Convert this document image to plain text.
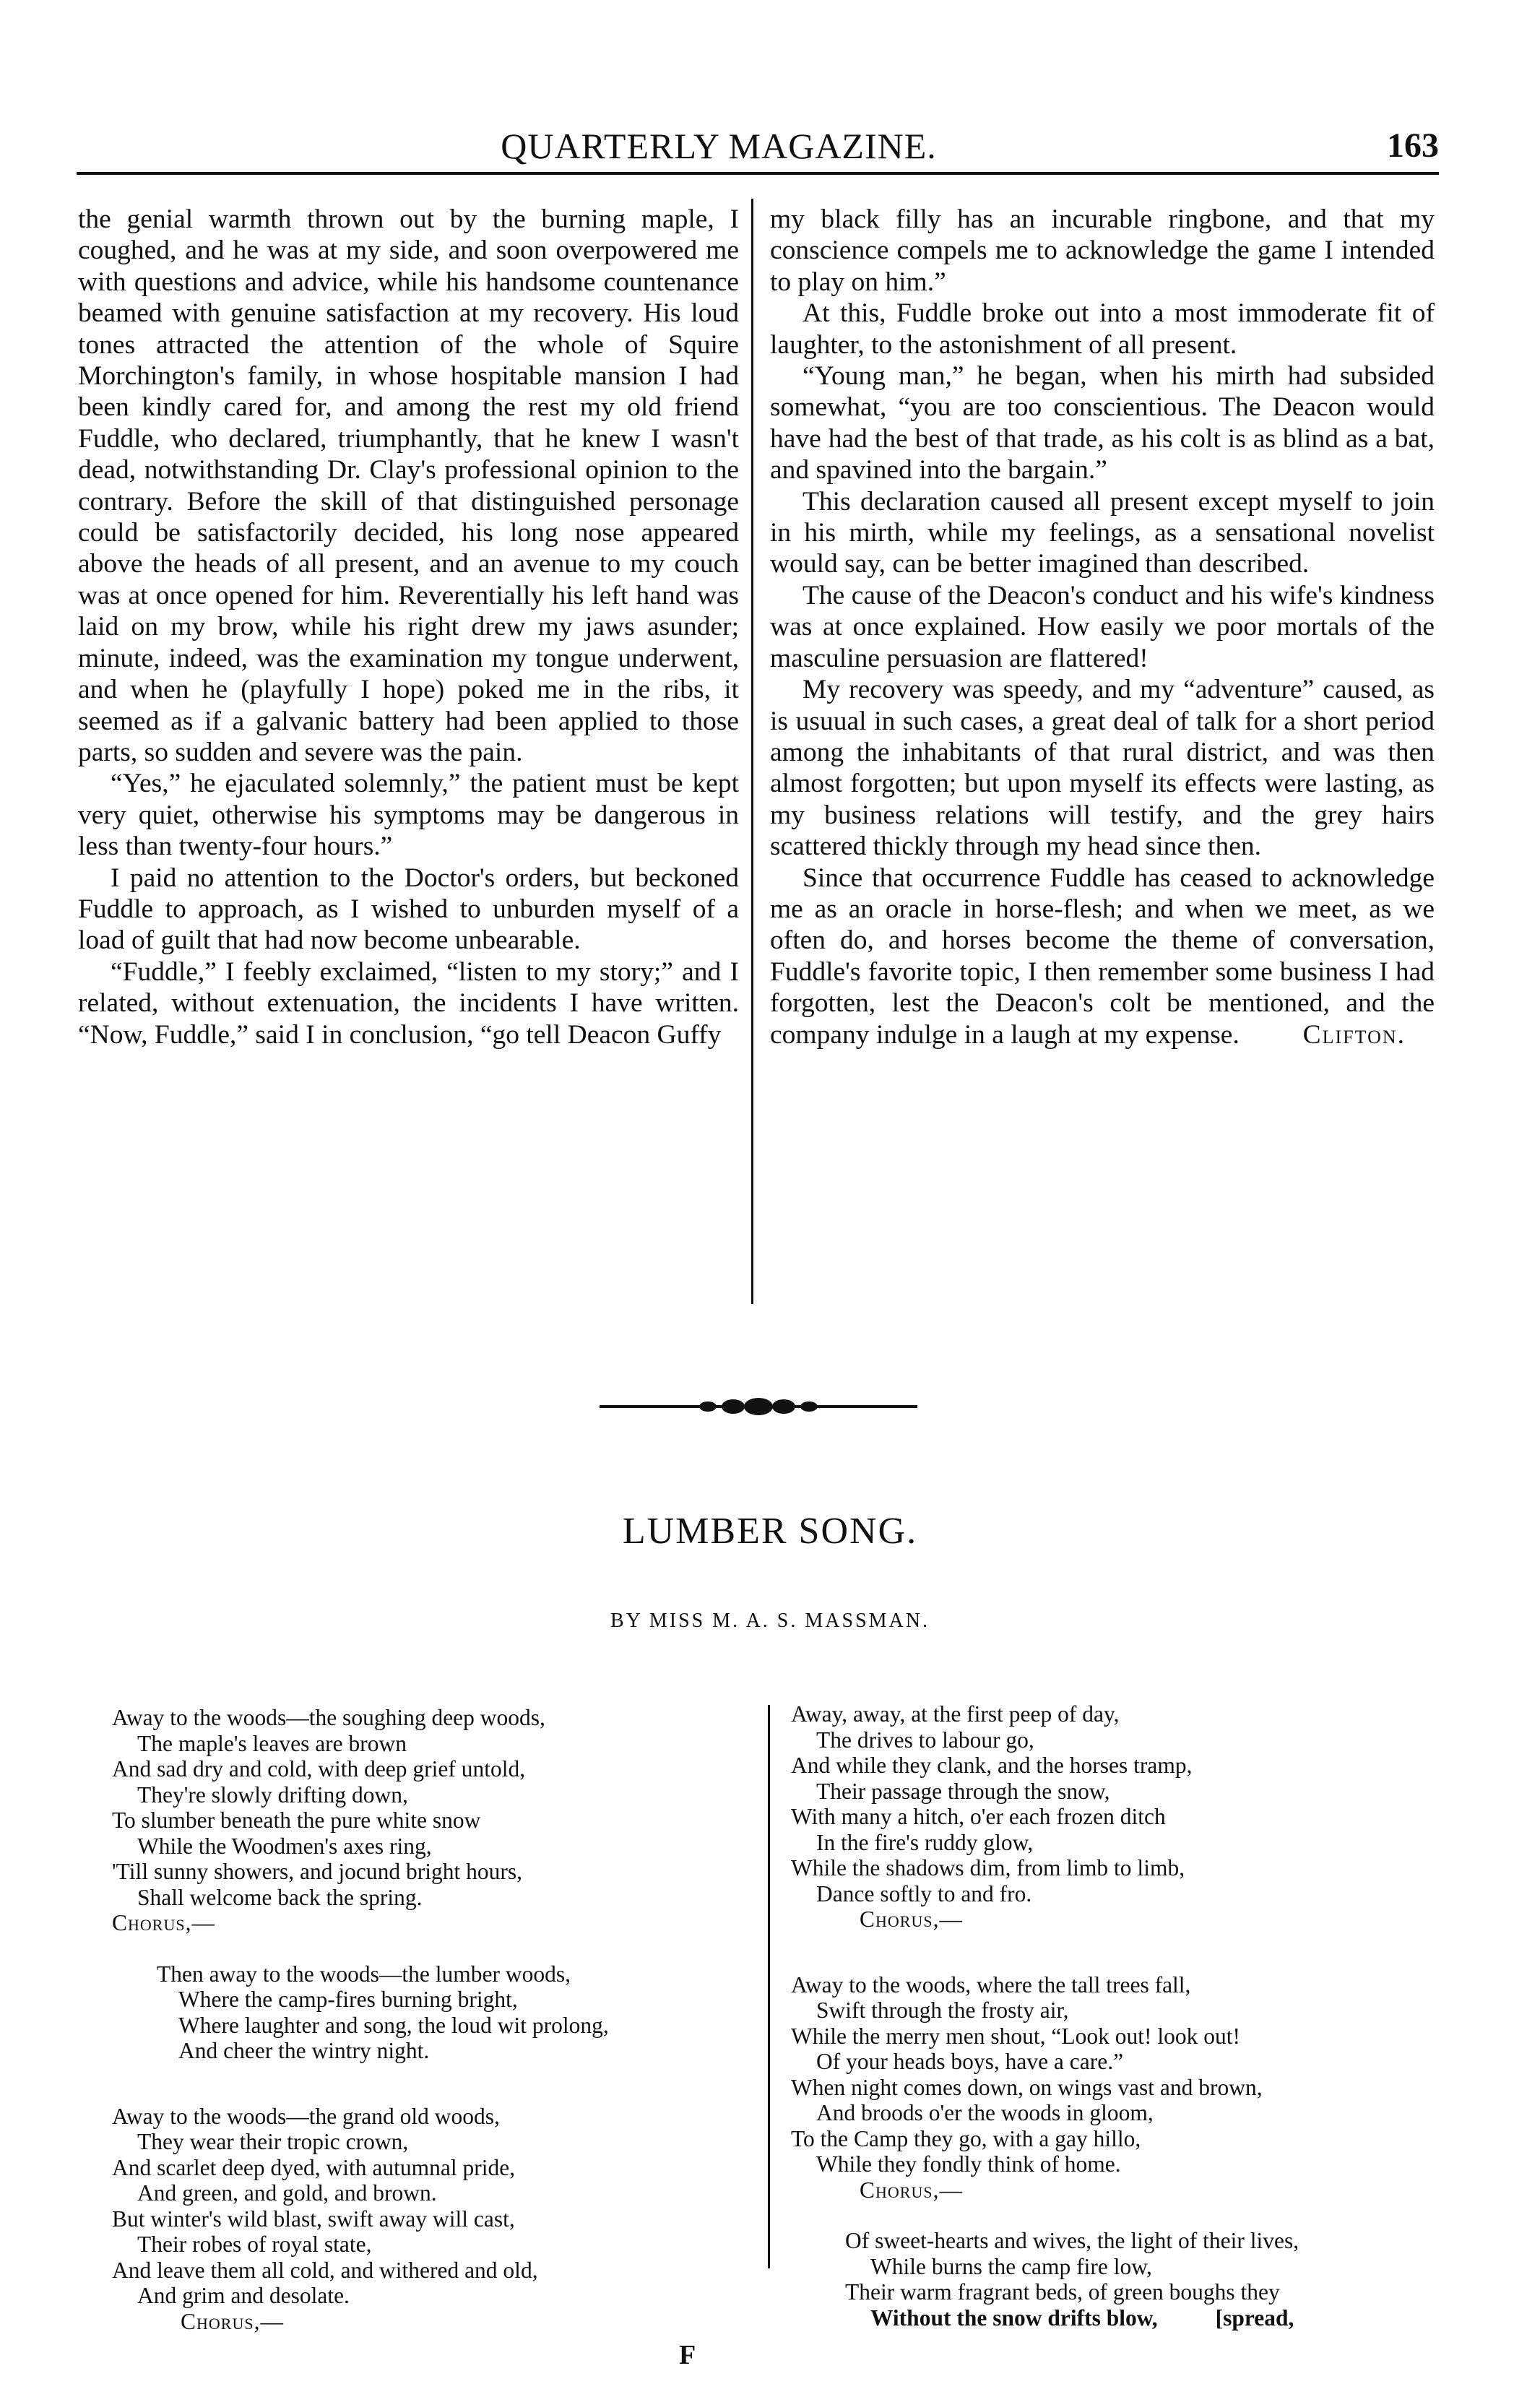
QUARTERLY MAGAZINE.	163

the genial warmth thrown out by the burning maple, I coughed, and he was at my side, and soon overpowered me with questions and advice, while his handsome countenance beamed with genuine satisfaction at my recovery. His loud tones attracted the attention of the whole of Squire Morchington's family, in whose hospitable mansion I had been kindly cared for, and among the rest my old friend Fuddle, who declared, triumphantly, that he knew I wasn't dead, notwithstanding Dr. Clay's professional opinion to the contrary. Before the skill of that distinguished personage could be satisfactorily decided, his long nose appeared above the heads of all present, and an avenue to my couch was at once opened for him. Reverentially his left hand was laid on my brow, while his right drew my jaws asunder; minute, indeed, was the examination my tongue underwent, and when he (playfully I hope) poked me in the ribs, it seemed as if a galvanic battery had been applied to those parts, so sudden and severe was the pain.

“Yes,” he ejaculated solemnly,” the patient must be kept very quiet, otherwise his symptoms may be dangerous in less than twenty-four hours.”

I paid no attention to the Doctor's orders, but beckoned Fuddle to approach, as I wished to unburden myself of a load of guilt that had now become unbearable.

“Fuddle,” I feebly exclaimed, “listen to my story;” and I related, without extenuation, the incidents I have written. “Now, Fuddle,” said I in conclusion, “go tell Deacon Guffy

my black filly has an incurable ringbone, and that my conscience compels me to acknowledge the game I intended to play on him.”

At this, Fuddle broke out into a most immoderate fit of laughter, to the astonishment of all present.

“Young man,” he began, when his mirth had subsided somewhat, “you are too conscientious. The Deacon would have had the best of that trade, as his colt is as blind as a bat, and spavined into the bargain.”

This declaration caused all present except myself to join in his mirth, while my feelings, as a sensational novelist would say, can be better imagined than described.

The cause of the Deacon's conduct and his wife's kindness was at once explained. How easily we poor mortals of the masculine persuasion are flattered!

My recovery was speedy, and my “adventure” caused, as is usuual in such cases, a great deal of talk for a short period among the inhabitants of that rural district, and was then almost forgotten; but upon myself its effects were lasting, as my business relations will testify, and the grey hairs scattered thickly through my head since then.

Since that occurrence Fuddle has ceased to acknowledge me as an oracle in horse-flesh; and when we meet, as we often do, and horses become the theme of conversation, Fuddle's favorite topic, I then remember some business I had forgotten, lest the Deacon's colt be mentioned, and the company indulge in a laugh at my expense.	Clifton.

LUMBER SONG.
BY MISS M. A. S. MASSMAN.
Away to the woods—the soughing deep woods,
The maple's leaves are brown
And sad dry and cold, with deep grief untold,
They're slowly drifting down,
To slumber beneath the pure white snow
While the Woodmen's axes ring,
'Till sunny showers, and jocund bright hours,
Shall welcome back the spring.
Chorus,—
Then away to the woods—the lumber woods,
Where the camp-fires burning bright,
Where laughter and song, the loud wit prolong,
And cheer the wintry night.
Away to the woods—the grand old woods,
They wear their tropic crown,
And scarlet deep dyed, with autumnal pride,
And green, and gold, and brown.
But winter's wild blast, swift away will cast,
Their robes of royal state,
And leave them all cold, and withered and old,
And grim and desolate.
Chorus,—
Away, away, at the first peep of day,
The drives to labour go,
And while they clank, and the horses tramp,
Their passage through the snow,
With many a hitch, o'er each frozen ditch
In the fire's ruddy glow,
While the shadows dim, from limb to limb,
Dance softly to and fro.
Chorus,—
Away to the woods, where the tall trees fall,
Swift through the frosty air,
While the merry men shout, “Look out! look out!
Of your heads boys, have a care.”
When night comes down, on wings vast and brown,
And broods o'er the woods in gloom,
To the Camp they go, with a gay hillo,
While they fondly think of home.
Chorus,—
Of sweet-hearts and wives, the light of their lives,
While burns the camp fire low,
Their warm fragrant beds, of green boughs they
Without the snow drifts blow,	[spread,
F
